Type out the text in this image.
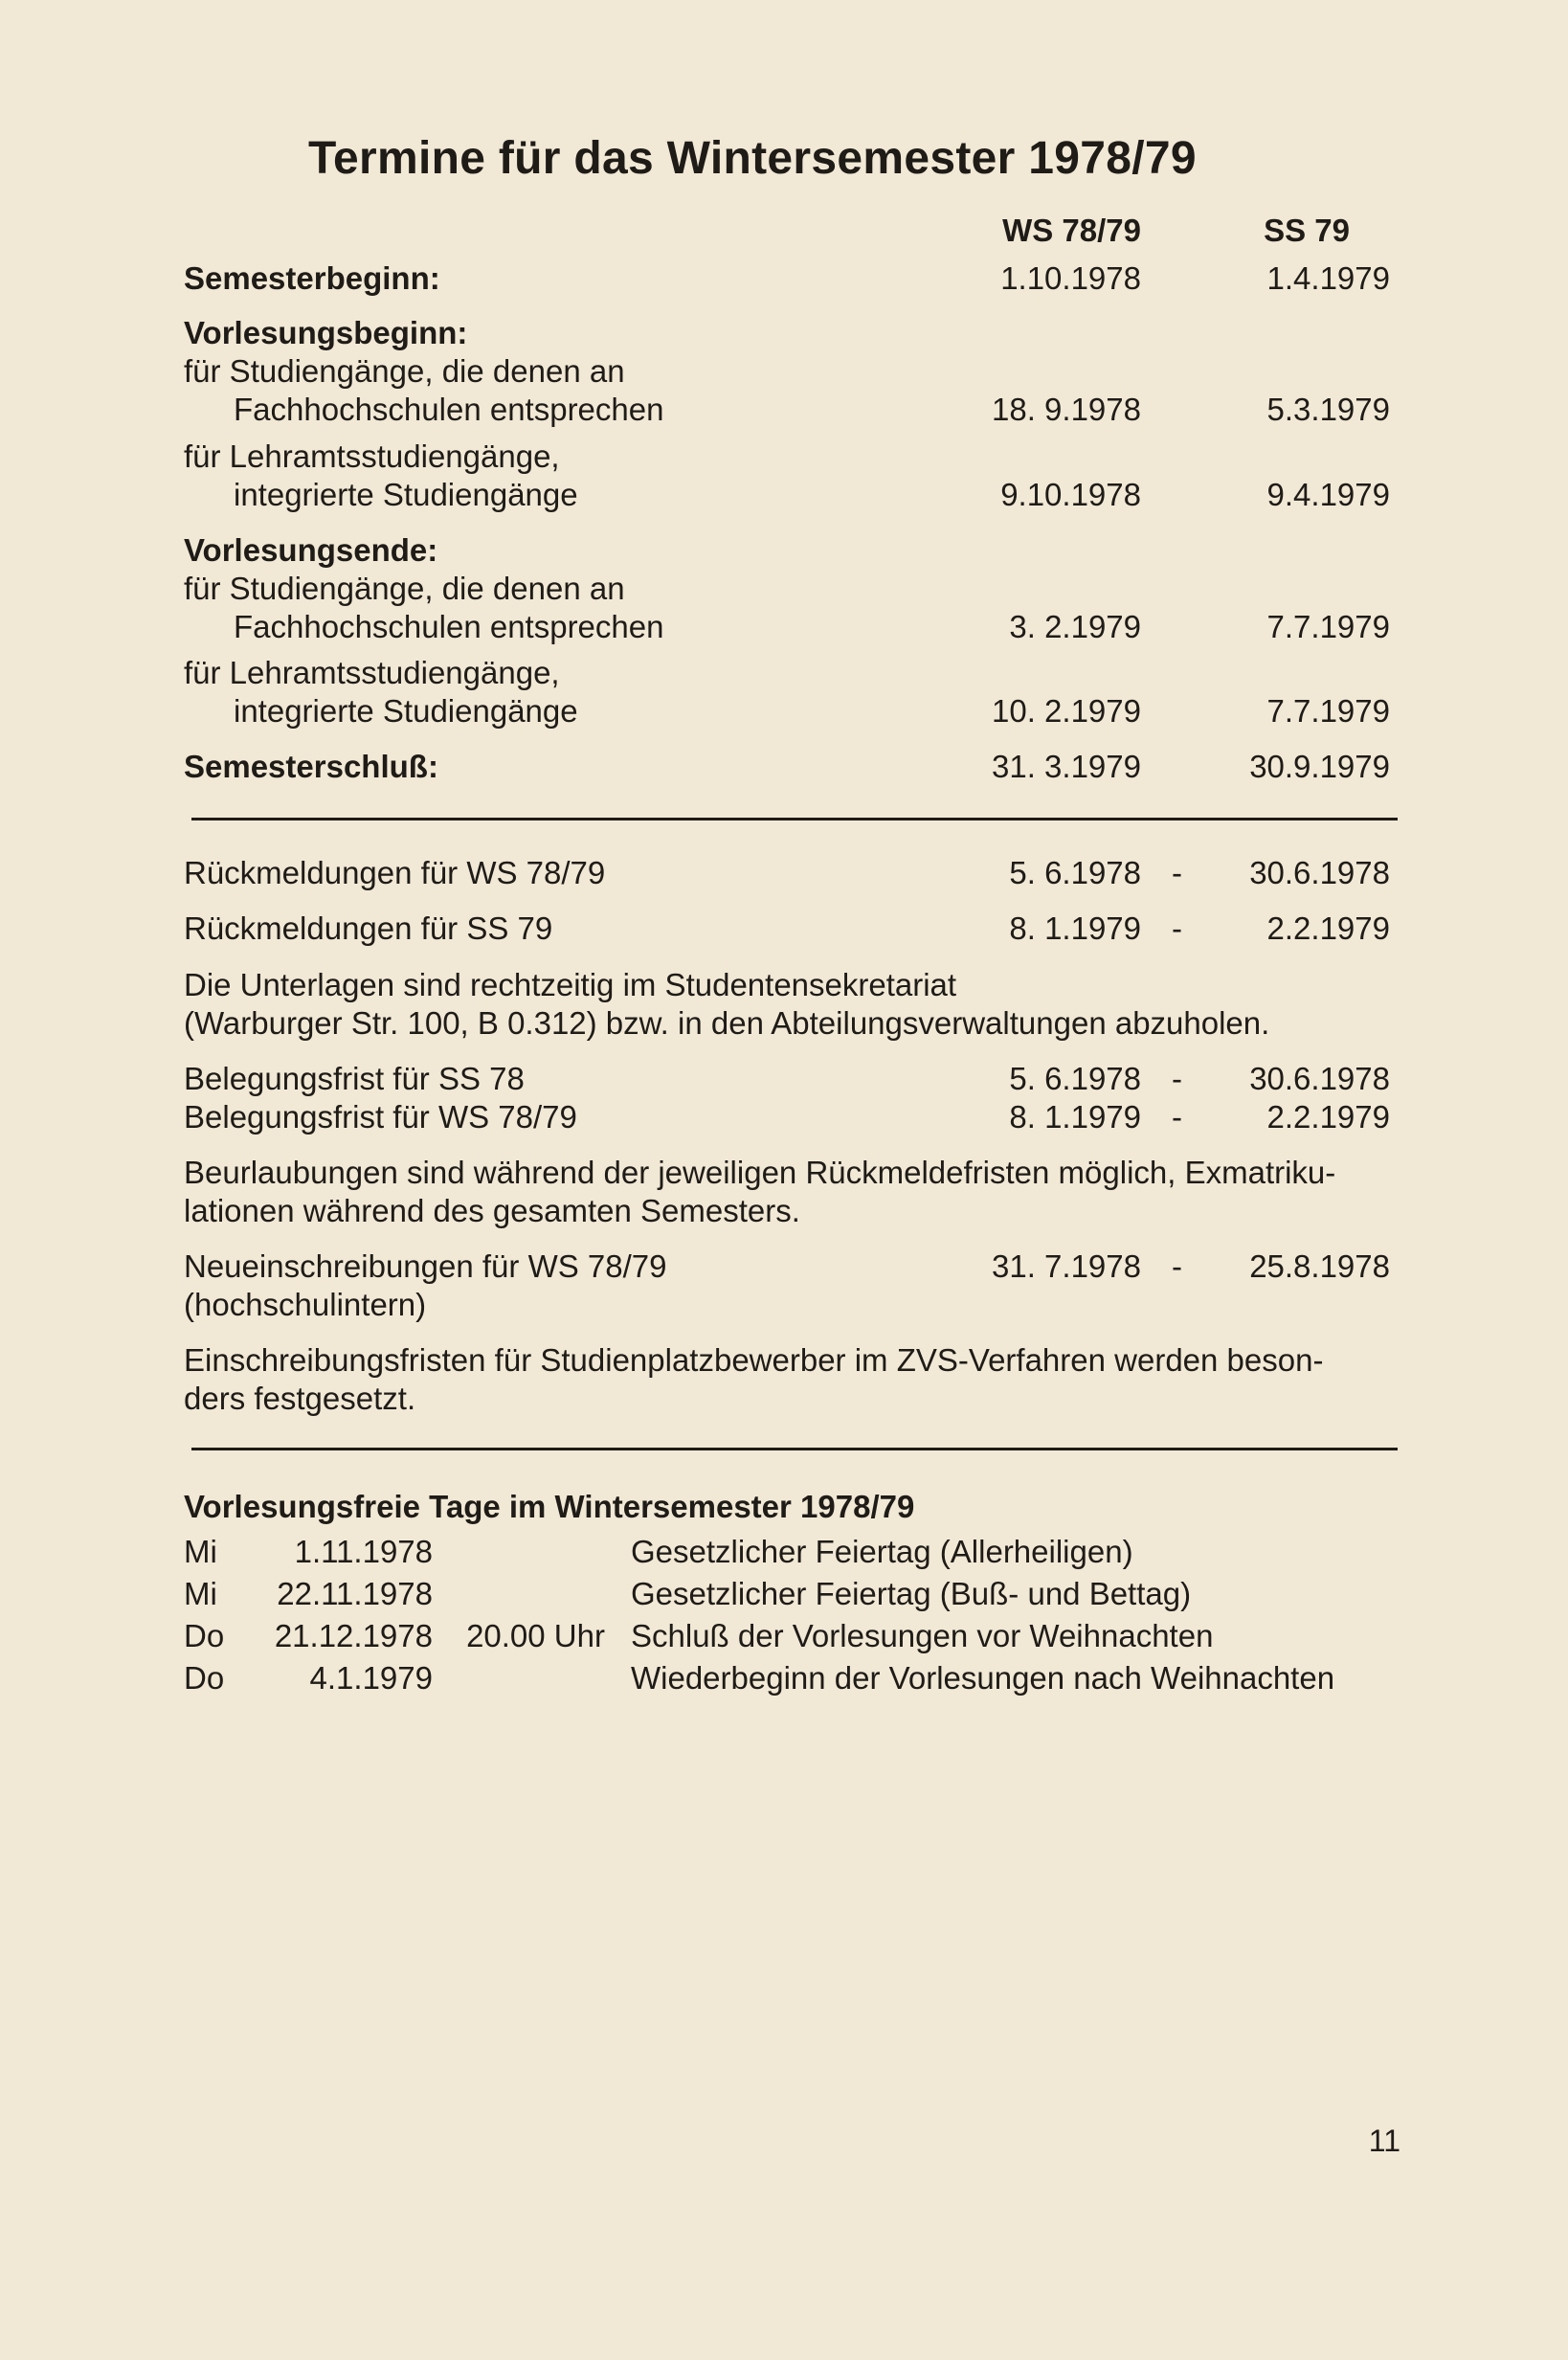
Termine für das Wintersemester 1978/79
WS 78/79	SS 79
Semesterbeginn:	1.10.1978	1.4.1979
Vorlesungsbeginn:
für Studiengänge, die denen an
Fachhochschulen entsprechen	18. 9.1978	5.3.1979
für Lehramtsstudiengänge,
integrierte Studiengänge	9.10.1978	9.4.1979
Vorlesungsende:
für Studiengänge, die denen an
Fachhochschulen entsprechen	3. 2.1979	7.7.1979
für Lehramtsstudiengänge,
integrierte Studiengänge	10. 2.1979	7.7.1979
Semesterschluß:	31. 3.1979	30.9.1979
Rückmeldungen für WS 78/79	5. 6.1978 - 30.6.1978
Rückmeldungen für SS 79	8. 1.1979 -	2.2.1979
Die Unterlagen sind rechtzeitig im Studentensekretariat
(Warburger Str. 100, B 0.312) bzw. in den Abteilungsverwaltungen abzuholen.
Belegungsfrist für SS 78	5. 6.1978 - 30.6.1978
Belegungsfrist für WS 78/79	8. 1.1979 -	2.2.1979
Beurlaubungen sind während der jeweiligen Rückmeldefristen möglich, Exmatriku-
lationen während des gesamten Semesters.
Neueinschreibungen für WS 78/79
(hochschulintern)
31. 7.1978 - 25.8.1978
Einschreibungsfristen für Studienplatzbewerber im ZVS-Verfahren werden beson-
ders festgesetzt.
Vorlesungsfreie Tage im Wintersemester 1978/79
Mi 1.11.1978	Gesetzlicher Feiertag (Allerheiligen)
Mi 22.11.1978	Gesetzlicher Feiertag (Buß- und Bettag)
Do 21.12.1978 20.00 Uhr Schluß der Vorlesungen vor Weihnachten
Do	4.1.1979	Wiederbeginn der Vorlesungen nach Weihnachten
11
